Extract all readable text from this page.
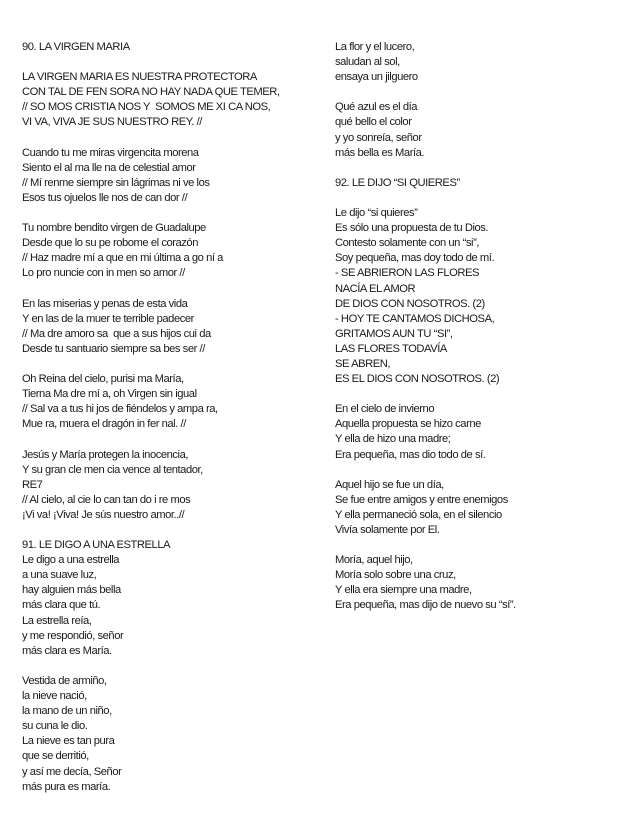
90. LA VIRGEN MARIA
LA VIRGEN MARIA ES NUESTRA PROTECTORA
CON TAL DE FEN SORA NO HAY NADA QUE TEMER,
// SO MOS CRISTIA NOS Y  SOMOS ME XI CA NOS,
VI VA, VIVA JE SUS NUESTRO REY. //
Cuando tu me miras virgencita morena
Siento el al ma lle na de celestial amor
// Mí renme siempre sin lágrimas ni ve los
Esos tus ojuelos lle nos de can dor //
Tu nombre bendito virgen de Guadalupe
Desde que lo su pe robome el corazón
// Haz madre mí a que en mi última a go ní a
Lo pro nuncie con in men so amor //
En las miserias y penas de esta vida
Y en las de la muer te terrible padecer
// Ma dre amoro sa  que a sus hijos cui da
Desde tu santuario siempre sa bes ser //
Oh Reina del cielo, purisi ma María,
Tierna Ma dre mí a, oh Virgen sin igual
// Sal va a tus hi jos de fiéndelos y ampa ra,
Mue ra, muera el dragón in fer nal. //
Jesús y María protegen la inocencia,
Y su gran cle men cia vence al tentador,
RE7
// Al cielo, al cie lo can tan do i re mos
¡Vi va! ¡Viva! Je sús nuestro amor..//
91. LE DIGO A UNA ESTRELLA
Le digo a una estrella
a una suave luz,
hay alguien más bella
más clara que tú.
La estrella reía,
y me respondió, señor
más clara es María.
Vestida de armiño,
la nieve nació,
la mano de un niño,
su cuna le dio.
La nieve es tan pura
que se derritió,
y así me decía, Señor
más pura es maría.
La flor y el lucero,
saludan al sol,
ensaya un jilguero
Qué azul es el día
qué bello el color
y yo sonreía, señor
más bella es María.
92. LE DIJO “SI QUIERES”
Le dijo “si quieres”
Es sólo una propuesta de tu Dios.
Contesto solamente con un “si”,
Soy pequeña, mas doy todo de mí.
- SE ABRIERON LAS FLORES
NACÍA EL AMOR
DE DIOS CON NOSOTROS. (2)
- HOY TE CANTAMOS DICHOSA,
GRITAMOS AUN TU “SI”,
LAS FLORES TODAVÍA
SE ABREN,
ES EL DIOS CON NOSOTROS. (2)
En el cielo de invierno
Aquella propuesta se hizo carne
Y ella de hizo una madre;
Era pequeña, mas dio todo de sí.
Aquel hijo se fue un día,
Se fue entre amigos y entre enemigos
Y ella permaneció sola, en el silencio
Vivía solamente por El.
Moría, aquel hijo,
Moría solo sobre una cruz,
Y ella era siempre una madre,
Era pequeña, mas dijo de nuevo su “sí”.
